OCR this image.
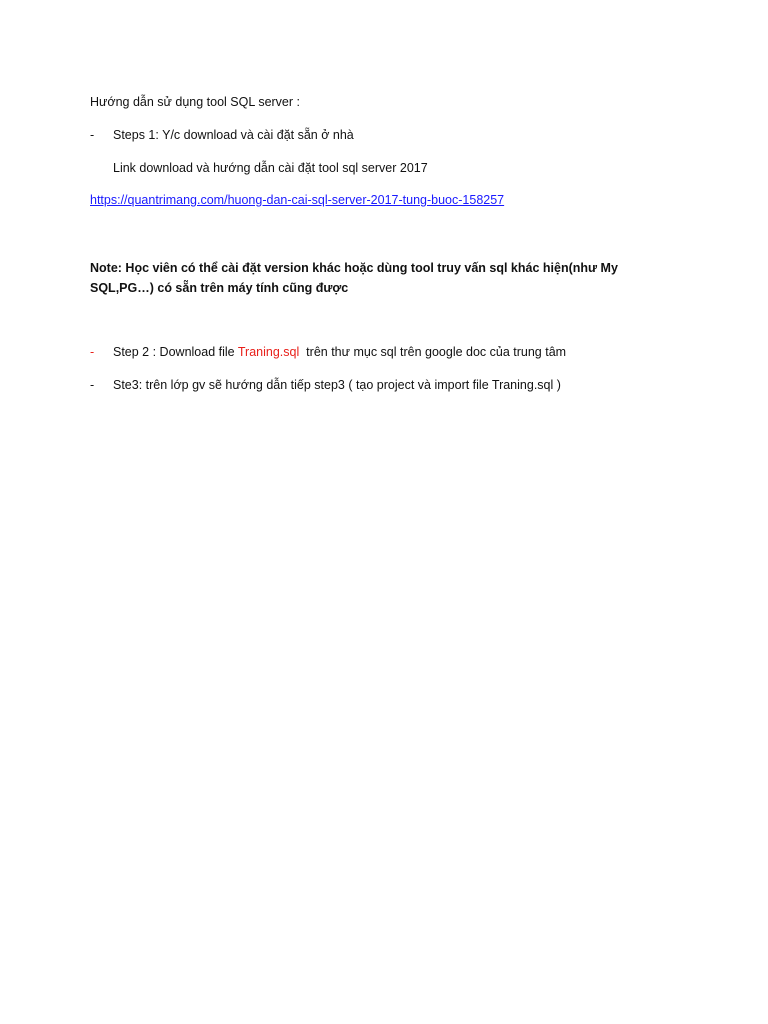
Hướng dẫn sử dụng tool SQL server :
- Steps 1: Y/c download và cài đặt sẵn ở nhà
Link download và hướng dẫn cài đặt tool sql server 2017
https://quantrimang.com/huong-dan-cai-sql-server-2017-tung-buoc-158257
Note: Học viên có thể cài đặt version khác hoặc dùng tool truy vấn sql khác hiện(như My SQL,PG…) có sẵn trên máy tính cũng được
- Step 2 : Download file Traning.sql  trên thư mục sql trên google doc của trung tâm
- Ste3: trên lớp gv sẽ hướng dẫn tiếp step3 ( tạo project và import file Traning.sql )
